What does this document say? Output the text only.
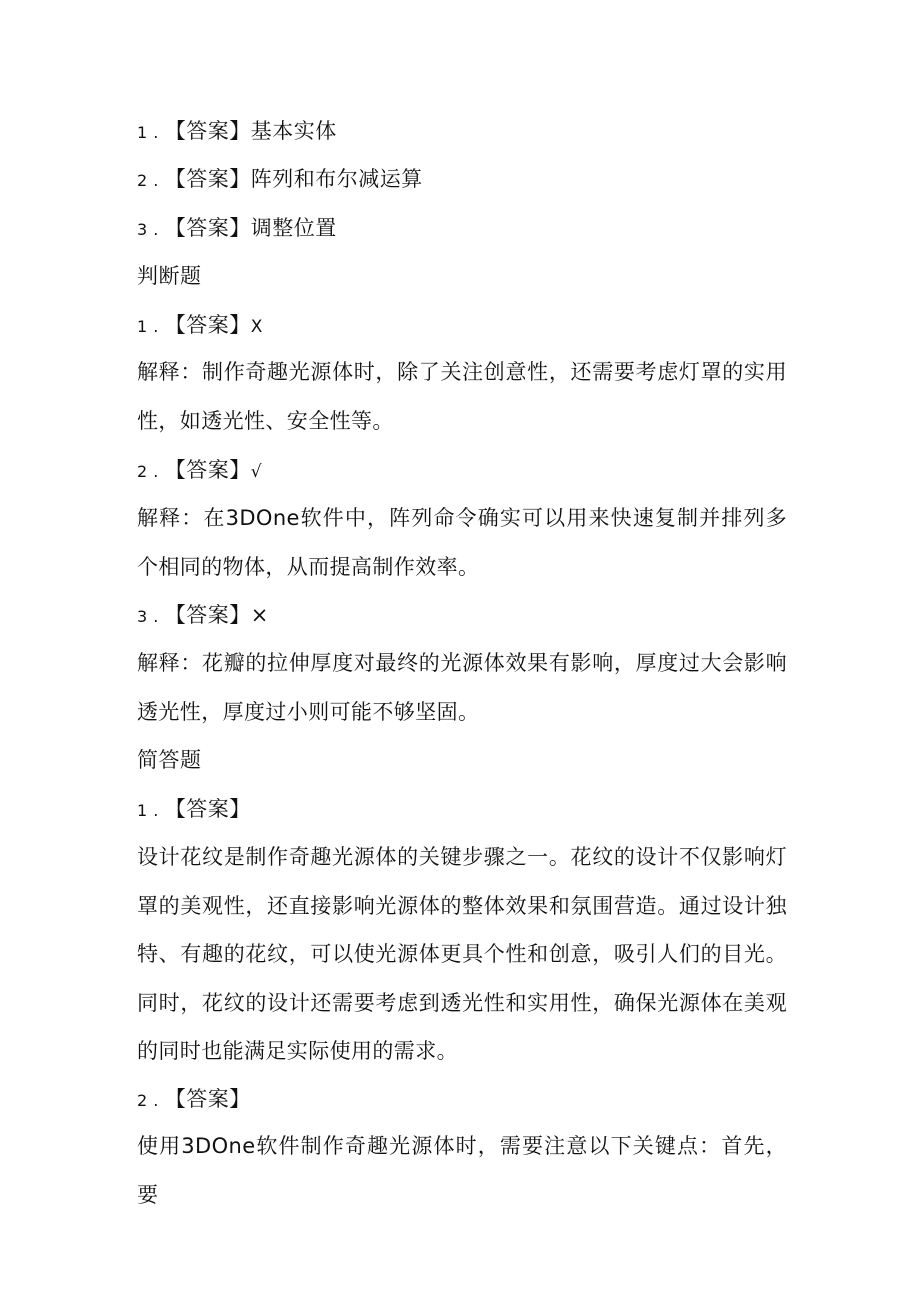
1 . 【答案】基本实体
2 . 【答案】阵列和布尔减运算
3 . 【答案】调整位置
判断题
1 . 【答案】X
解释：制作奇趣光源体时，除了关注创意性，还需要考虑灯罩的实用性，如透光性、安全性等。
2 . 【答案】√
解释：在3DOne软件中，阵列命令确实可以用来快速复制并排列多个相同的物体，从而提高制作效率。
3 . 【答案】×
解释：花瓣的拉伸厚度对最终的光源体效果有影响，厚度过大会影响透光性，厚度过小则可能不够坚固。
简答题
1 . 【答案】
设计花纹是制作奇趣光源体的关键步骤之一。花纹的设计不仅影响灯罩的美观性，还直接影响光源体的整体效果和氛围营造。通过设计独特、有趣的花纹，可以使光源体更具个性和创意，吸引人们的目光。同时，花纹的设计还需要考虑到透光性和实用性，确保光源体在美观的同时也能满足实际使用的需求。
2 . 【答案】
使用3DOne软件制作奇趣光源体时，需要注意以下关键点：首先，要
